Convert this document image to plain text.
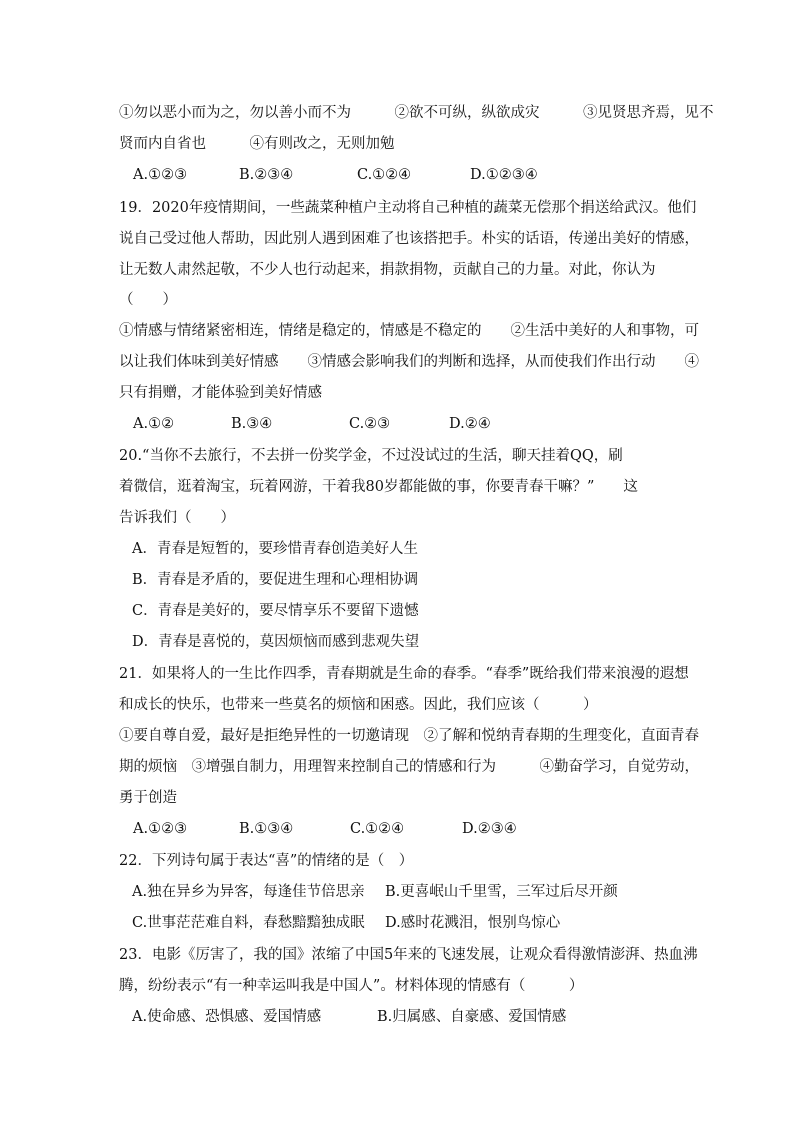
①勿以恶小而为之，勿以善小而不为　　　②欲不可纵，纵欲成灾　　　③见贤思齐焉，见不
贤而内自省也　　　④有则改之，无则加勉
A.①②③	B.②③④	C.①②④	D.①②③④
19．2020年疫情期间，一些蔬菜种植户主动将自己种植的蔬菜无偿那个捐送给武汉。他们
说自己受过他人帮助，因此别人遇到困难了也该搭把手。朴实的话语，传递出美好的情感，
让无数人肃然起敬，不少人也行动起来，捐款捐物，贡献自己的力量。对此，你认为
（　　）
①情感与情绪紧密相连，情绪是稳定的，情感是不稳定的　　②生活中美好的人和事物，可
以让我们体味到美好情感　　③情感会影响我们的判断和选择，从而使我们作出行动　　④
只有捐赠，才能体验到美好情感
A.①②	B.③④	C.②③	D.②④
20.“当你不去旅行，不去拼一份奖学金，不过没试过的生活，聊天挂着QQ，刷
着微信，逛着淘宝，玩着网游，干着我80岁都能做的事，你要青春干嘛？”　　这
告诉我们（　　）
A．青春是短暂的，要珍惜青春创造美好人生
B．青春是矛盾的，要促进生理和心理相协调
C．青春是美好的，要尽情享乐不要留下遗憾
D．青春是喜悦的，莫因烦恼而感到悲观失望
21．如果将人的一生比作四季，青春期就是生命的春季。“春季”既给我们带来浪漫的遐想
和成长的快乐，也带来一些莫名的烦恼和困惑。因此，我们应该（　　　）
①要自尊自爱，最好是拒绝异性的一切邀请现　②了解和悦纳青春期的生理变化，直面青春
期的烦恼　③增强自制力，用理智来控制自己的情感和行为　　　④勤奋学习，自觉劳动，
勇于创造
A.①②③	B.①③④	C.①②④	D.②③④
22．下列诗句属于表达“喜”的情绪的是（　）
A.独在异乡为异客，每逢佳节倍思亲 B.更喜岷山千里雪，三军过后尽开颜
C.世事茫茫难自料，春愁黯黯独成眠 D.感时花溅泪，恨别鸟惊心
23．电影《厉害了，我的国》浓缩了中国5年来的飞速发展，让观众看得激情澎湃、热血沸
腾，纷纷表示“有一种幸运叫我是中国人”。材料体现的情感有（　　　）
A.使命感、恐惧感、爱国情感	B.归属感、自豪感、爱国情感
